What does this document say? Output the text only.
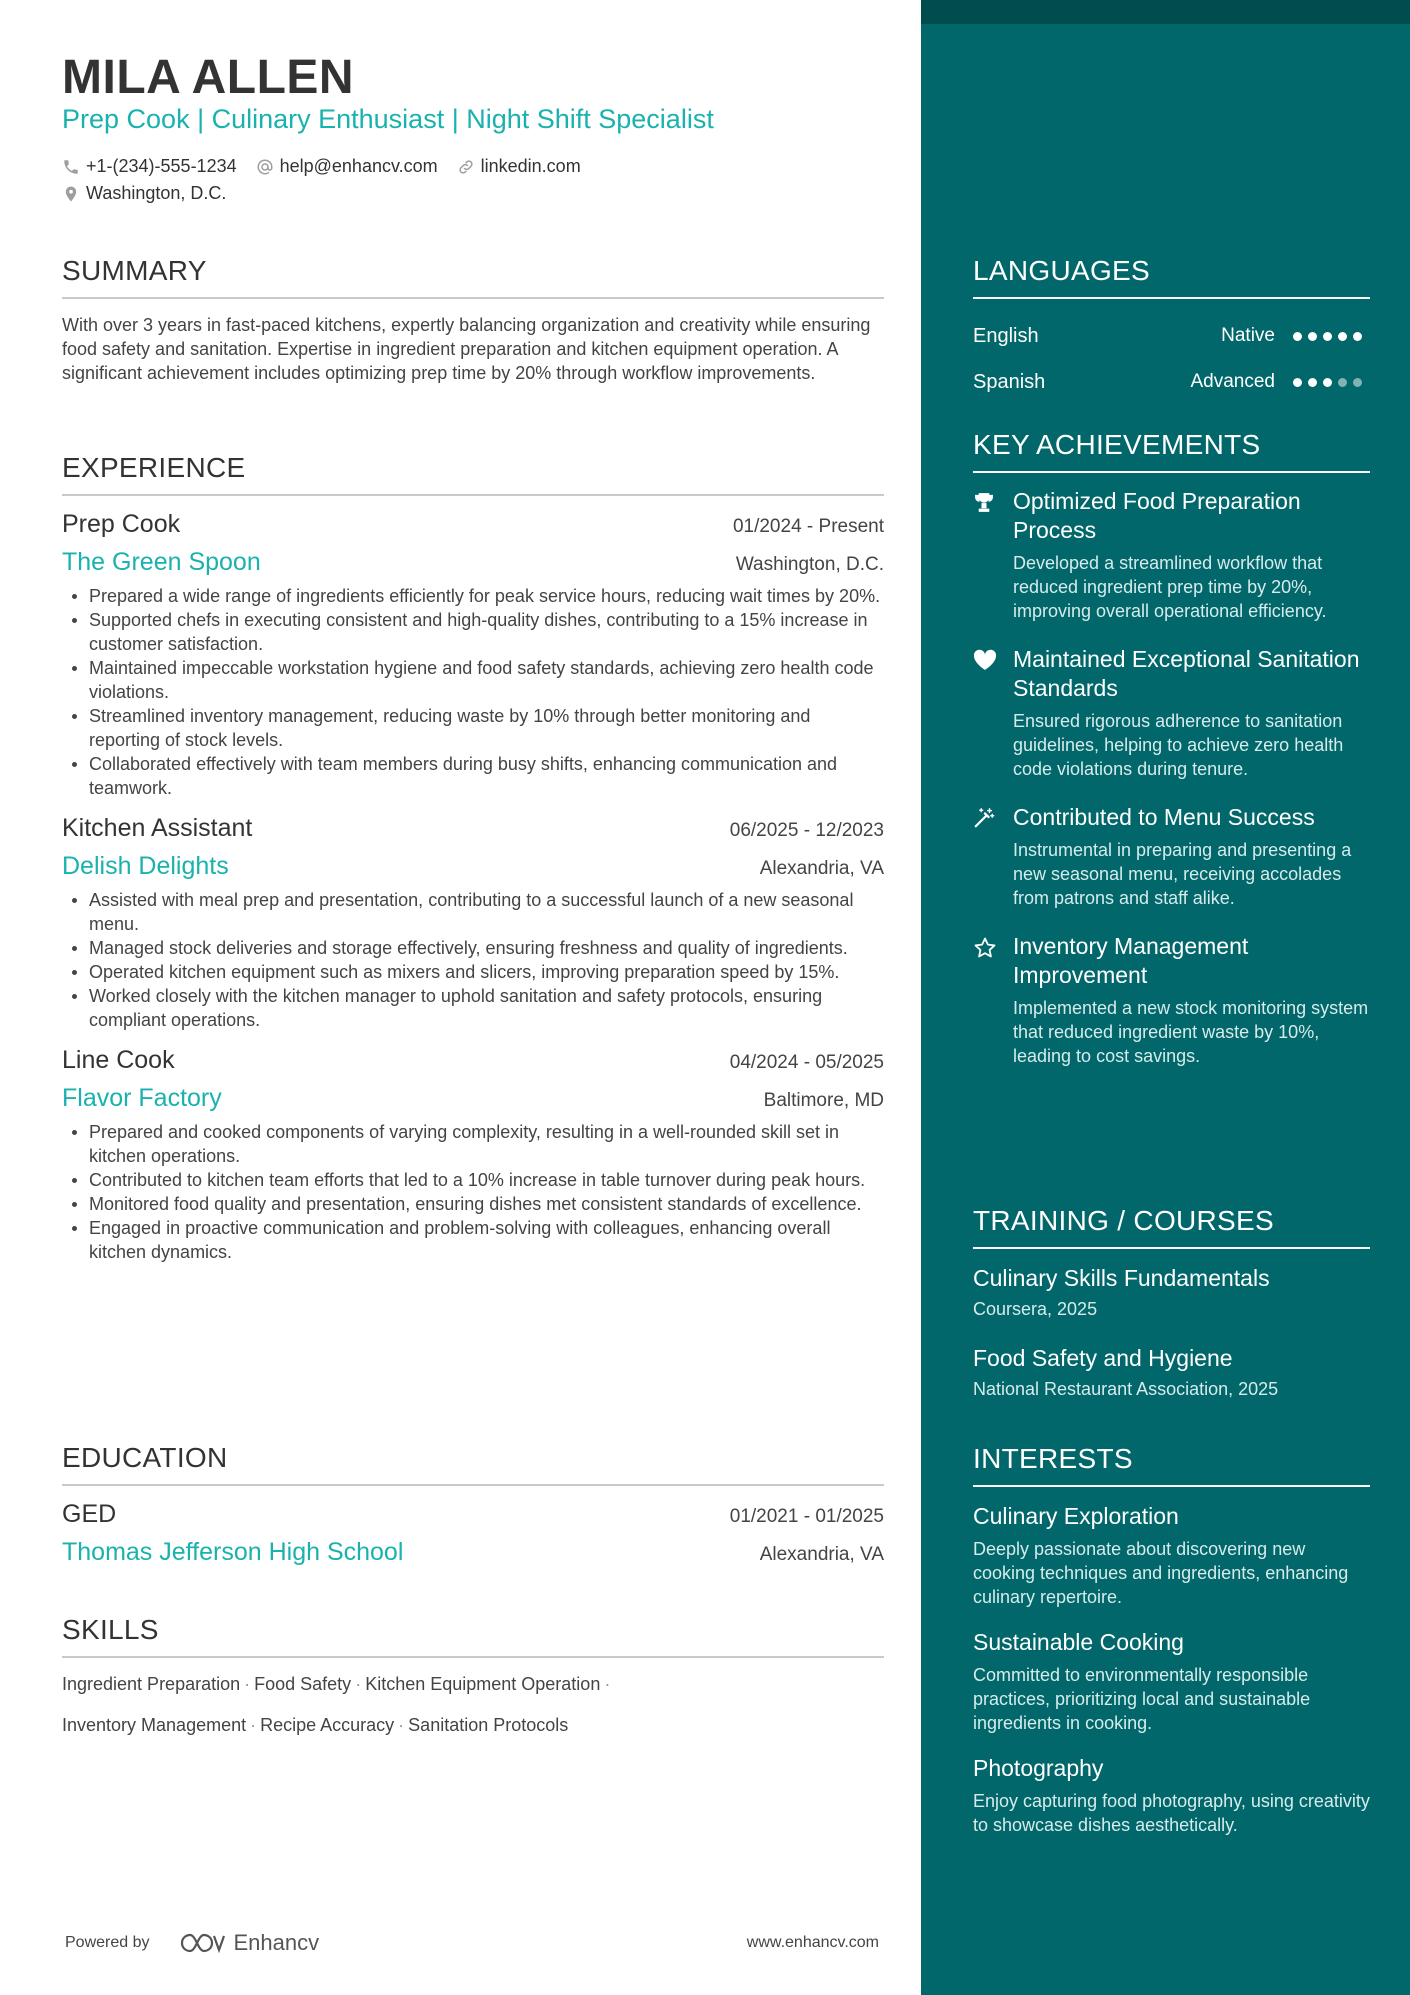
MILA ALLEN
Prep Cook | Culinary Enthusiast | Night Shift Specialist
+1-(234)-555-1234 help@enhancv.com linkedin.com
Washington, D.C.
SUMMARY
With over 3 years in fast-paced kitchens, expertly balancing organization and creativity while ensuring food safety and sanitation. Expertise in ingredient preparation and kitchen equipment operation. A significant achievement includes optimizing prep time by 20% through workflow improvements.
EXPERIENCE
Prep Cook	01/2024 - Present
The Green Spoon	Washington, D.C.
Prepared a wide range of ingredients efficiently for peak service hours, reducing wait times by 20%.
Supported chefs in executing consistent and high-quality dishes, contributing to a 15% increase in customer satisfaction.
Maintained impeccable workstation hygiene and food safety standards, achieving zero health code violations.
Streamlined inventory management, reducing waste by 10% through better monitoring and reporting of stock levels.
Collaborated effectively with team members during busy shifts, enhancing communication and teamwork.
Kitchen Assistant	06/2025 - 12/2023
Delish Delights	Alexandria, VA
Assisted with meal prep and presentation, contributing to a successful launch of a new seasonal menu.
Managed stock deliveries and storage effectively, ensuring freshness and quality of ingredients.
Operated kitchen equipment such as mixers and slicers, improving preparation speed by 15%.
Worked closely with the kitchen manager to uphold sanitation and safety protocols, ensuring compliant operations.
Line Cook	04/2024 - 05/2025
Flavor Factory	Baltimore, MD
Prepared and cooked components of varying complexity, resulting in a well-rounded skill set in kitchen operations.
Contributed to kitchen team efforts that led to a 10% increase in table turnover during peak hours.
Monitored food quality and presentation, ensuring dishes met consistent standards of excellence.
Engaged in proactive communication and problem-solving with colleagues, enhancing overall kitchen dynamics.
EDUCATION
GED	01/2021 - 01/2025
Thomas Jefferson High School	Alexandria, VA
SKILLS
Ingredient Preparation · Food Safety · Kitchen Equipment Operation ·
Inventory Management · Recipe Accuracy · Sanitation Protocols
Powered by	Enhancv	www.enhancv.com
LANGUAGES
English	Native
Spanish	Advanced
KEY ACHIEVEMENTS
Optimized Food Preparation Process
Developed a streamlined workflow that reduced ingredient prep time by 20%, improving overall operational efficiency.
Maintained Exceptional Sanitation Standards
Ensured rigorous adherence to sanitation guidelines, helping to achieve zero health code violations during tenure.
Contributed to Menu Success
Instrumental in preparing and presenting a new seasonal menu, receiving accolades from patrons and staff alike.
Inventory Management Improvement
Implemented a new stock monitoring system that reduced ingredient waste by 10%, leading to cost savings.
TRAINING / COURSES
Culinary Skills Fundamentals
Coursera, 2025
Food Safety and Hygiene
National Restaurant Association, 2025
INTERESTS
Culinary Exploration
Deeply passionate about discovering new cooking techniques and ingredients, enhancing culinary repertoire.
Sustainable Cooking
Committed to environmentally responsible practices, prioritizing local and sustainable ingredients in cooking.
Photography
Enjoy capturing food photography, using creativity to showcase dishes aesthetically.
